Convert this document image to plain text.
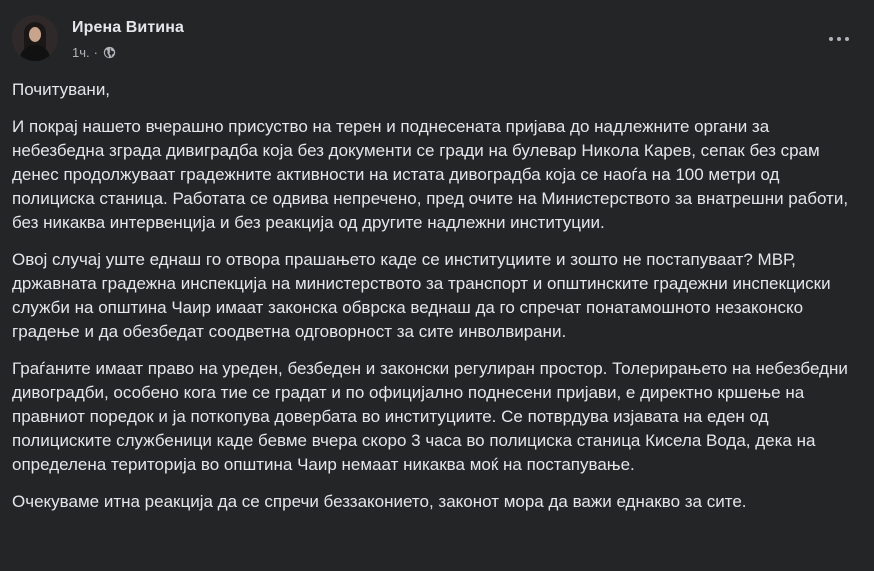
Ирена Витина
1ч. ·

Почитувани,

И покрај нашето вчерашно присуство на терен и поднесената пријава до надлежните органи за небезбедна зграда дивиградба која без документи се гради на булевар Никола Карев, сепак без срам денес продолжуваат градежните активности на истата дивоградба која се наоѓа на 100 метри од полициска станица. Работата се одвива непречено, пред очите на Министерството за внатрешни работи, без никаква интервенција и без реакција од другите надлежни институции.

Овој случај уште еднаш го отвора прашањето каде се институциите и зошто не постапуваат? МВР, државната градежна инспекција на министерството за транспорт и општинските градежни инспекциски служби на општина Чаир имаат законска обврска веднаш да го спречат понатамошното незаконско градење и да обезбедат соодветна одговорност за сите инволвирани.

Граѓаните имаат право на уреден, безбеден и законски регулиран простор. Толерирањето на небезбедни дивоградби, особено кога тие се градат и по официјално поднесени пријави, е директно кршење на правниот поредок и ја поткопува довербата во институциите. Се потврдува изјавата на еден од полициските службеници каде бевме вчера скоро 3 часа во полициска станица Кисела Вода, дека на определена територија во општина Чаир немаат никаква моќ на постапување.

Очекуваме итна реакција да се спречи беззаконието, законот мора да важи еднакво за сите.
